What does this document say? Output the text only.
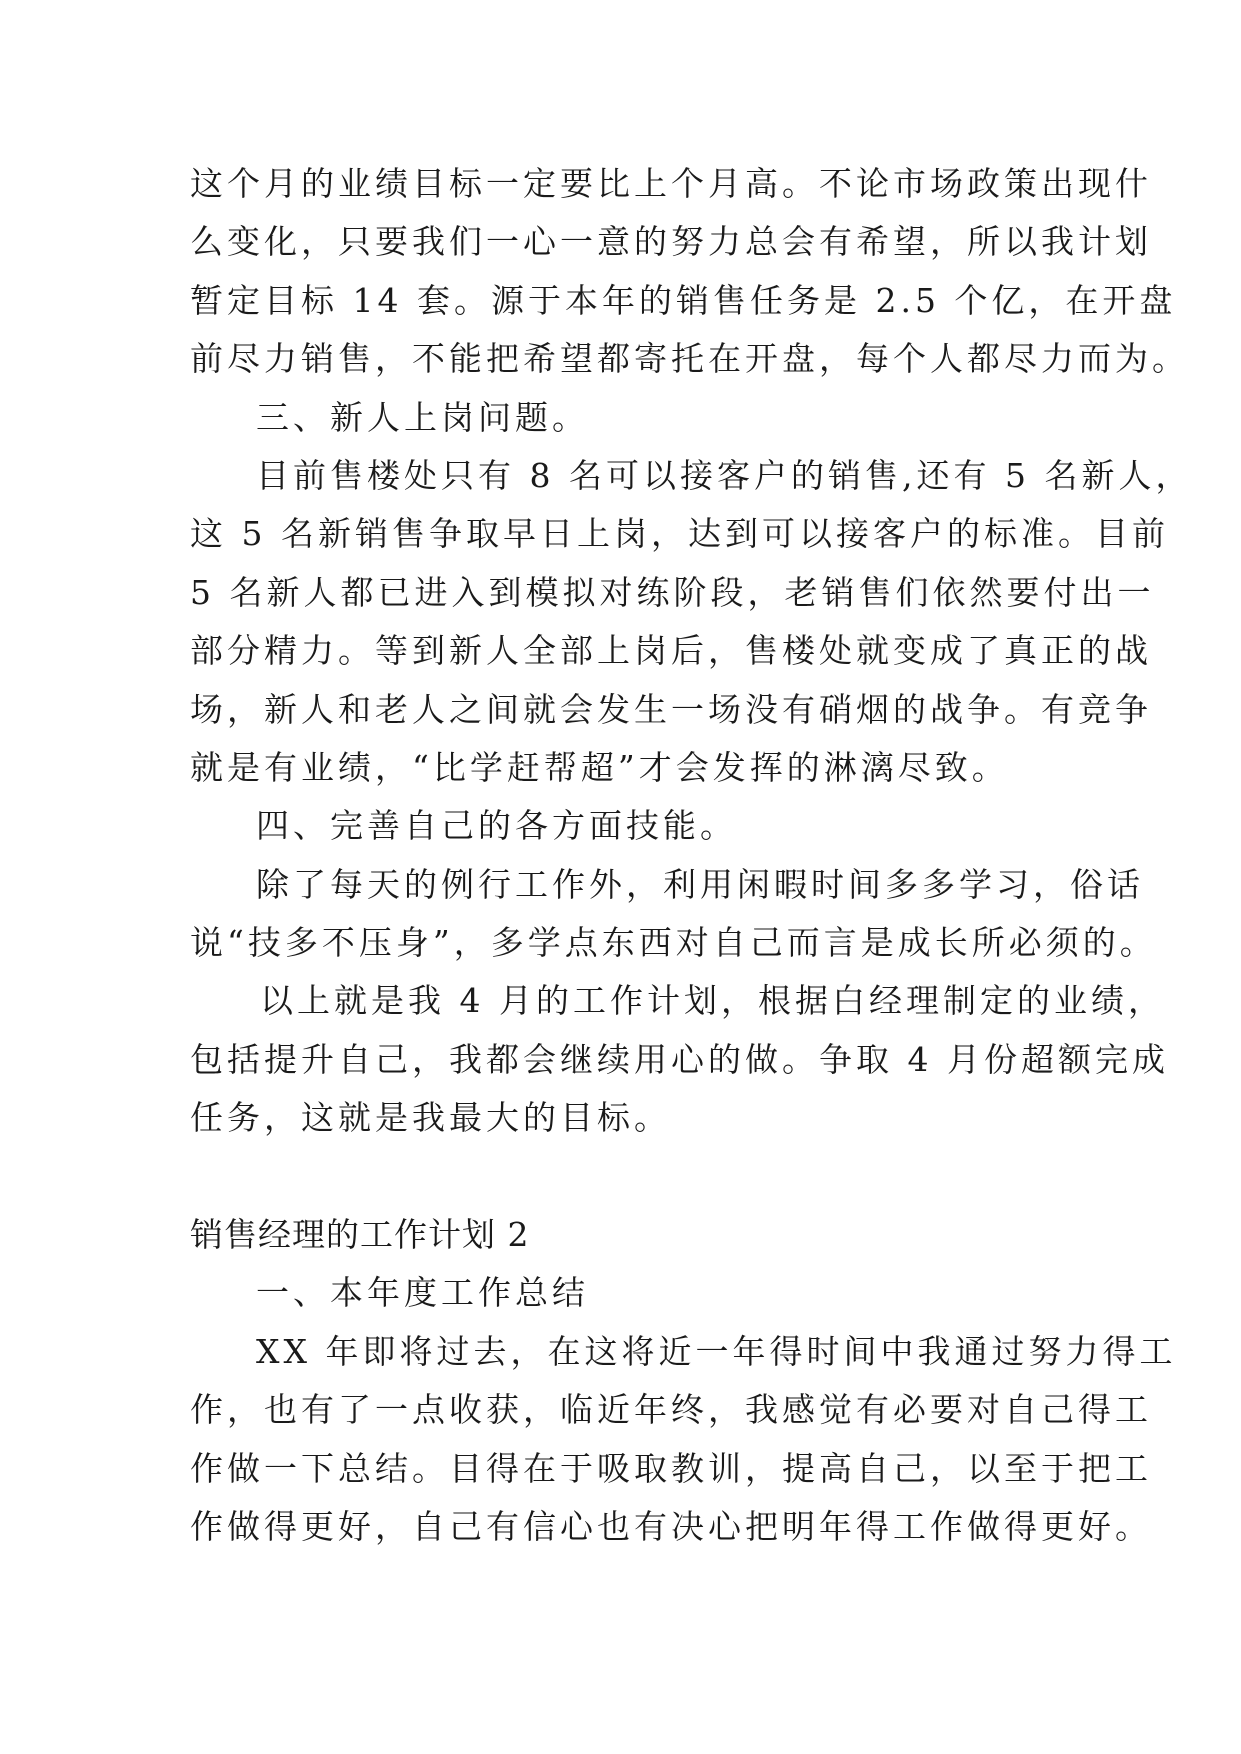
这个月的业绩目标一定要比上个月高。不论市场政策出现什
么变化，只要我们一心一意的努力总会有希望，所以我计划
暂定目标 14 套。源于本年的销售任务是 2.5 个亿，在开盘
前尽力销售，不能把希望都寄托在开盘，每个人都尽力而为。
三、新人上岗问题。
目前售楼处只有 8 名可以接客户的销售,还有 5 名新人，
这 5 名新销售争取早日上岗，达到可以接客户的标准。目前
5 名新人都已进入到模拟对练阶段，老销售们依然要付出一
部分精力。等到新人全部上岗后，售楼处就变成了真正的战
场，新人和老人之间就会发生一场没有硝烟的战争。有竞争
就是有业绩，“比学赶帮超”才会发挥的淋漓尽致。
四、完善自己的各方面技能。
除了每天的例行工作外，利用闲暇时间多多学习，俗话
说“技多不压身”，多学点东西对自己而言是成长所必须的。
以上就是我 4 月的工作计划，根据白经理制定的业绩，
包括提升自己，我都会继续用心的做。争取 4 月份超额完成
任务，这就是我最大的目标。
销售经理的工作计划 2
一、本年度工作总结
XX 年即将过去，在这将近一年得时间中我通过努力得工
作，也有了一点收获，临近年终，我感觉有必要对自己得工
作做一下总结。目得在于吸取教训，提高自己，以至于把工
作做得更好，自己有信心也有决心把明年得工作做得更好。
